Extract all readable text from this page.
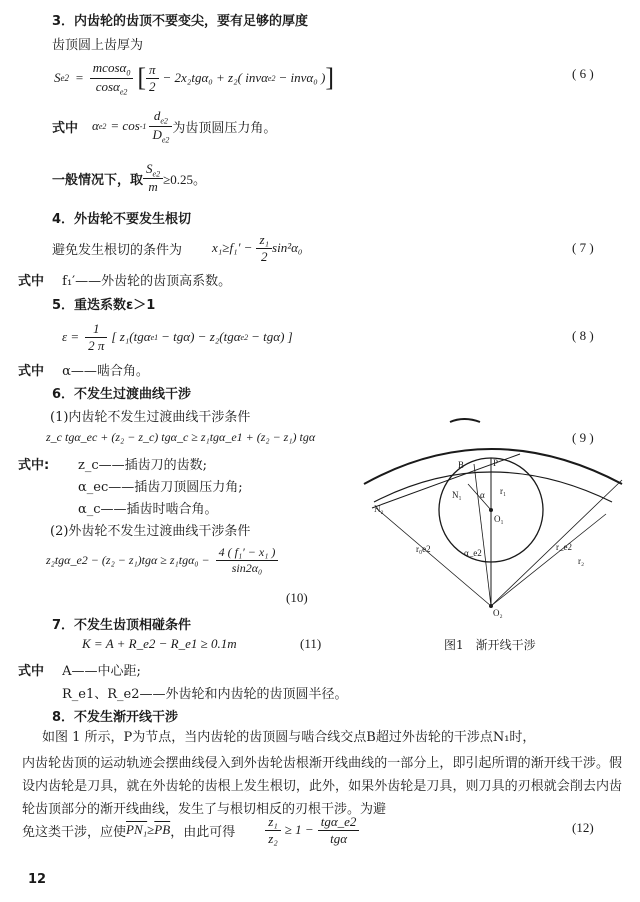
3．内齿轮的齿顶不要变尖，要有足够的厚度
齿顶圆上齿厚为
S $e2 = \frac{mcos\alpha_0}{\cos\alpha_{e2}}$ [ $\frac{\pi}{2} - 2x_2tg\alpha_0 + z_2$( invα e2 − invα₀ ) ]	( 6 )
式中 α $e2 = \cos -1 \frac{d_{e2}}{D_{e2}}$ 为齿顶圆压力角。
一般情况下，取 $\frac{S_{e2}}{m} \ge 0.25$。
4．外齿轮不要发生根切
避免发生根切的条件为 $x_1\ge f_1' - \frac{\text{z₁}}{2} \sin^2\alpha_0$	( 7 )
式中 f₁′——外齿轮的齿顶高系数。
5．重迭系数ε＞1
$\varepsilon = \frac{1}{2 \pi}$ [ z₁(tgα e1 − tgα) − z₂(tgα e2 − tgα) ]	( 8 )
式中 α——啮合角。
6．不发生过渡曲线干涉
(1)内齿轮不发生过渡曲线干涉条件
z_c tgα_ec + (z₂ − z_c) tgα_c ≥ z₁tgα_e1 + (z₂ − z₁) tgα	( 9 )
式中: z_c——插齿刀的齿数;
α_ec——插齿刀顶圆压力角;
α_c——插齿时啮合角。
(2)外齿轮不发生过渡曲线干涉条件
z₂tgα_e2 − $(z_2 - z_1)tg\alpha \ge z_1tg\alpha_0 - \frac{\text{4 ( f₁′ − x₁ )}}{\text{sin2α₀}}$
(10)
7．不发生齿顶相碰条件
K = A + R_e2 − R_e1 ≥ 0.1m	(11)
式中 A——中心距;
R_e1、R_e2——外齿轮和内齿轮的齿顶圆半径。
B	P
N₁
N₂
O₁
O₂
α r₁
r_e2
r₂
α_e2
r₀e2
图1　渐开线干涉
8．不发生渐开线干涉
如图 1 所示，P为节点，当内齿轮的齿顶圆与啮合线交点B超过外齿轮的干涉点N₁时，
内齿轮齿顶的运动轨迹会摆曲线侵入到外齿轮齿根渐开线曲线的一部分上，即引起所谓的渐开线干涉。假设内齿轮是刀具，就在外齿轮的齿根上发生根切，此外，如果外齿轮是刀具，则刀具的刃根就会削去内齿轮齿顶部分的渐开线曲线，发生了与根切相反的刃根干涉。为避
免这类干涉，应使 $PN_1 \ge \overline{PB}$ ，由此可得 $\frac{\text{z₁}}{\text{z₂}} \ge 1 - \frac{\text{tgα\_e2}}{\text{tgα}}$	(12)
12
